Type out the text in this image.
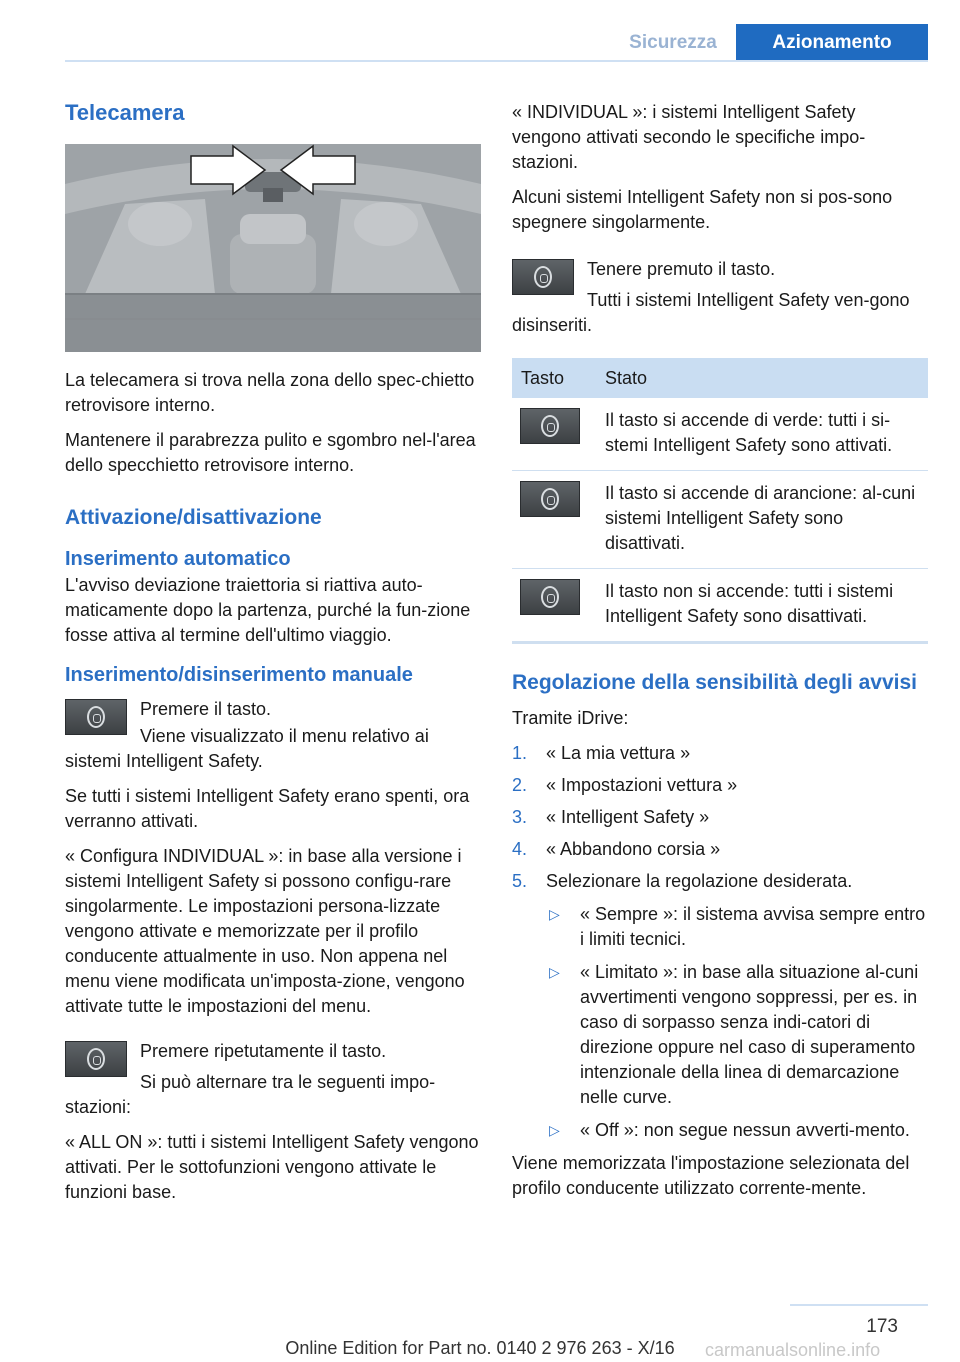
Sicurezza	Azionamento
Telecamera

La telecamera si trova nella zona dello spec-chietto retrovisore interno.

Mantenere il parabrezza pulito e sgombro nel-l'area dello specchietto retrovisore interno.

Attivazione/disattivazione
Inserimento automatico

L'avviso deviazione traiettoria si riattiva auto-maticamente dopo la partenza, purché la fun-zione fosse attiva al termine dell'ultimo viaggio.

Inserimento/disinserimento manuale

Premere il tasto.

Viene visualizzato il menu relativo ai sistemi Intelligent Safety.

Se tutti i sistemi Intelligent Safety erano spenti, ora verranno attivati.

« Configura INDIVIDUAL »: in base alla versione i sistemi Intelligent Safety si possono configu-rare singolarmente. Le impostazioni persona-lizzate vengono attivate e memorizzate per il profilo conducente attualmente in uso. Non appena nel menu viene modificata un'imposta-zione, vengono attivate tutte le impostazioni del menu.

Premere ripetutamente il tasto.

Si può alternare tra le seguenti impo-stazioni:

« ALL ON »: tutti i sistemi Intelligent Safety vengono attivati. Per le sottofunzioni vengono attivate le funzioni base.

« INDIVIDUAL »: i sistemi Intelligent Safety vengono attivati secondo le specifiche impo-stazioni.

Alcuni sistemi Intelligent Safety non si pos-sono spegnere singolarmente.

Tenere premuto il tasto.

Tutti i sistemi Intelligent Safety ven-gono disinseriti.

Tasto	Stato

	Il tasto si accende di verde: tutti i si-stemi Intelligent Safety sono attivati.

	Il tasto si accende di arancione: al-cuni sistemi Intelligent Safety sono disattivati.

	Il tasto non si accende: tutti i sistemi Intelligent Safety sono disattivati.
Regolazione della sensibilità degli avvisi

Tramite iDrive:

1. « La mia vettura »
2. « Impostazioni vettura »
3. « Intelligent Safety »
4. « Abbandono corsia »
5. Selezionare la regolazione desiderata.
▷ « Sempre »: il sistema avvisa sempre entro i limiti tecnici.
▷ « Limitato »: in base alla situazione al-cuni avvertimenti vengono soppressi, per es. in caso di sorpasso senza indi-catori di direzione oppure nel caso di superamento intenzionale della linea di demarcazione nelle curve.
▷ « Off »: non segue nessun avverti-mento.

Viene memorizzata l'impostazione selezionata del profilo conducente utilizzato corrente-mente.

173
Online Edition for Part no. 0140 2 976 263 - X/16	carmanualsonline.info
